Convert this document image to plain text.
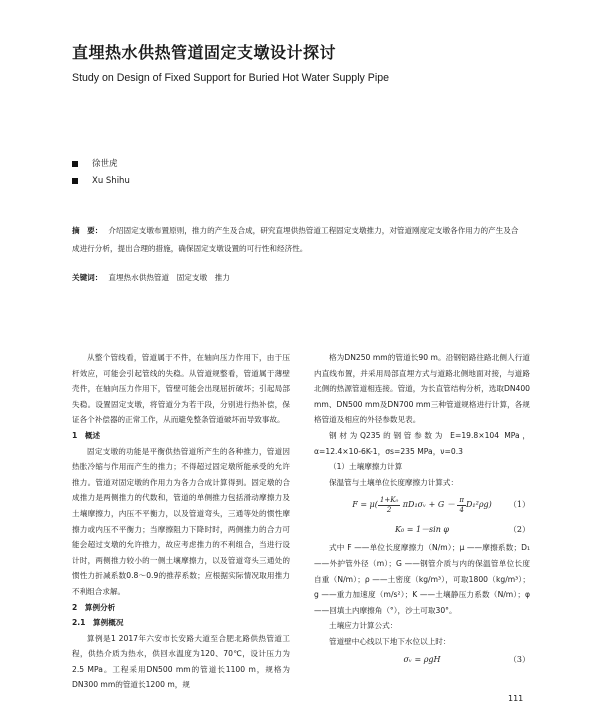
直埋热水供热管道固定支墩设计探讨
Study on Design of Fixed Support for Buried Hot Water Supply Pipe
徐世虎
Xu Shihu
摘　要： 介绍固定支墩布置原则，推力的产生及合成，研究直埋供热管道工程固定支墩推力，对管道刚度定支墩各作用力的产生及合成进行分析，提出合理的措施，确保固定支墩设置的可行性和经济性。
关键词： 直埋热水供热管道　固定支墩　推力

从整个管线看，管道属于不件，在轴向压力作用下，由于压杆效应，可能会引起管线的失稳。从管道规整看，管道属于薄壁壳件，在轴向压力作用下，管壁可能会出现屈折破坏；引起局部失稳。设置固定支墩，将管道分为若干段，分别进行热补偿，保证各个补偿器的正常工作，从而避免整条管道破坏而导致事故。

1　概述

固定支墩的功能是平衡供热管道所产生的各种推力，管道因热胀冷缩与作用而产生的推力；不得超过固定墩所能承受的允许推力。管道对固定墩的作用力为各力合成计算得到。固定墩的合成推力是两侧推力的代数和，管道的单侧推力包括滑动摩擦力及土壤摩擦力，内压不平衡力，以及管道弯头，三通等处的惯性摩擦力或内压不平衡力；当摩擦阻力下降时时，两侧推力的合力可能会超过支墩的允许推力，故应考虑推力的不利组合，当进行设计时，两侧推力较小的一侧土壤摩擦力，以及管道弯头三通处的惯性力折减系数0.8～0.9的推荐系数；应根据实际情况取用推力不利组合求解。

2　算例分析

2.1　算例概况

算例是1 2017年六安市长安路大道至合肥北路供热管道工程，供热介质为热水，供回水温度为120、70℃，设计压力为2.5 MPa。工程采用DN500 mm的管道长1100 m，规格为DN300 mm的管道长1200 m，规

格为DN250 mm的管道长90 m。沿钢铝路往路北侧人行道内直线布置，并采用局部直埋方式与道路北侧地面对接，与道路北侧的热源管道相连接。管道，为长直管结构分析，选取DN400 mm、DN500 mm及DN700 mm三种管道规格进行计算，各规格管道及相应的外径参数见表。

钢材为Q235的钢管参数为 E=19.8×104 MPa，α=12.4×10-6K-1，σs=235 MPa，ν=0.3

（1）土壤摩擦力计算

保温管与土壤单位长度摩擦力计算式：

$F = \mu( \frac{\text{1+K₀}}{2}$ πD₁σᵥ + $G - \frac{\pi}{4} D_1^2\rho g$) （1）
K₀ = 1－sin φ	（2）

式中 F ——单位长度摩擦力（N/m）；μ ——摩擦系数；D₁——外护管外径（m）；G ——钢管介质与内的保温管单位长度自重（N/m）；ρ ——土密度（kg/m³），可取1800（kg/m³）；g ——重力加速度（m/s²）；K ——土壤静压力系数（N/m）；φ ——回填土内摩擦角（°），沙土可取30°。

土壤应力计算公式：

管道壁中心线以下地下水位以上时：

σᵥ = ρgH	（3）
111
